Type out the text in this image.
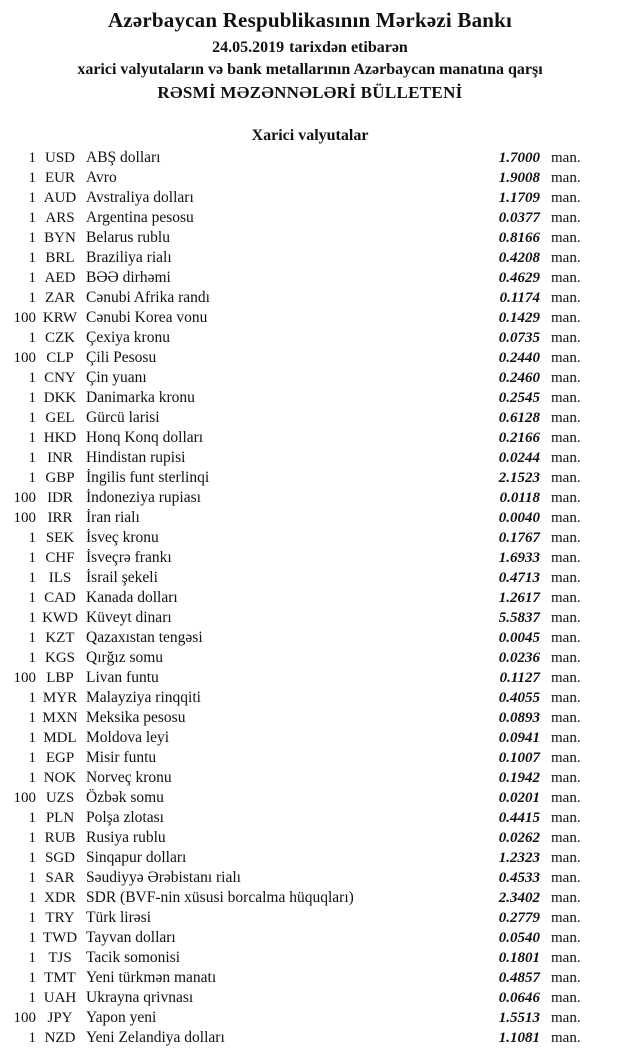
Azərbaycan Respublikasının Mərkəzi Bankı
24.05.2019 tarixdən etibarən
xarici valyutaların və bank metallarının Azərbaycan manatına qarşı
RƏSMİ MƏZƏNNƏLƏRİ BÜLLETENİ
Xarici valyutalar
1 USD ABŞ dolları	1.7000 man.
1 EUR Avro	1.9008 man.
1 AUD Avstraliya dolları	1.1709 man.
1 ARS Argentina pesosu	0.0377 man.
1 BYN Belarus rublu	0.8166 man.
1 BRL Braziliya rialı	0.4208 man.
1 AED BƏƏ dirhəmi	0.4629 man.
1 ZAR Cənubi Afrika randı	0.1174 man.
100 KRW Cənubi Korea vonu	0.1429 man.
1 CZK Çexiya kronu	0.0735 man.
100 CLP Çili Pesosu	0.2440 man.
1 CNY Çin yuanı	0.2460 man.
1 DKK Danimarka kronu	0.2545 man.
1 GEL Gürcü larisi	0.6128 man.
1 HKD Honq Konq dolları	0.2166 man.
1 INR Hindistan rupisi	0.0244 man.
1 GBP İngilis funt sterlinqi	2.1523 man.
100 IDR İndoneziya rupiası	0.0118 man.
100 IRR İran rialı	0.0040 man.
1 SEK İsveç kronu	0.1767 man.
1 CHF İsveçrə frankı	1.6933 man.
1 ILS İsrail şekeli	0.4713 man.
1 CAD Kanada dolları	1.2617 man.
1 KWD Küveyt dinarı	5.5837 man.
1 KZT Qazaxıstan tengəsi	0.0045 man.
1 KGS Qırğız somu	0.0236 man.
100 LBP Livan funtu	0.1127 man.
1 MYR Malayziya rinqqiti	0.4055 man.
1 MXN Meksika pesosu	0.0893 man.
1 MDL Moldova leyi	0.0941 man.
1 EGP Misir funtu	0.1007 man.
1 NOK Norveç kronu	0.1942 man.
100 UZS Özbək somu	0.0201 man.
1 PLN Polşa zlotası	0.4415 man.
1 RUB Rusiya rublu	0.0262 man.
1 SGD Sinqapur dolları	1.2323 man.
1 SAR Səudiyyə Ərəbistanı rialı	0.4533 man.
1 XDR SDR (BVF-nin xüsusi borcalma hüquqları)	2.3402 man.
1 TRY Türk lirəsi	0.2779 man.
1 TWD Tayvan dolları	0.0540 man.
1 TJS Tacik somonisi	0.1801 man.
1 TMT Yeni türkmən manatı	0.4857 man.
1 UAH Ukrayna qrivnası	0.0646 man.
100 JPY Yapon yeni	1.5513 man.
1 NZD Yeni Zelandiya dolları	1.1081 man.
